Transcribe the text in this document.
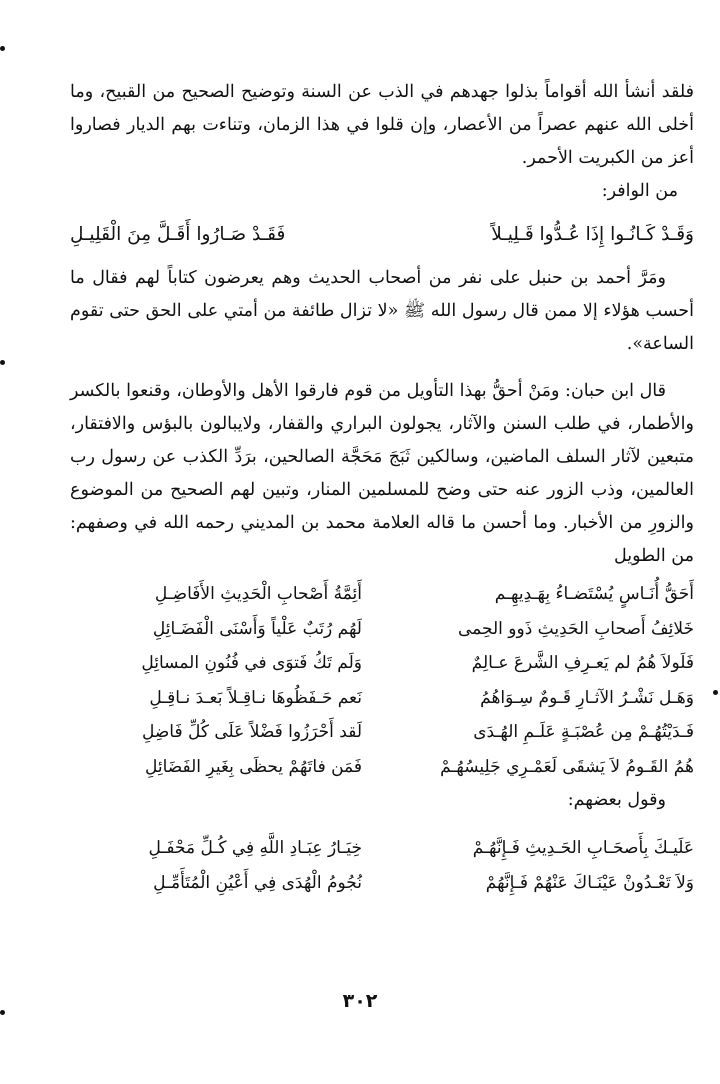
فلقد أنشأ الله أقواماً بذلوا جهدهم في الذب عن السنة وتوضيح الصحيح من القبيح، وما أخلى الله عنهم عصراً من الأعصار، وإن قلوا في هذا الزمان، وتناءت بهم الديار فصاروا أعز من الكبريت الأحمر.

من الوافر:

وَقَـدْ كَـانُـوا إِذَا عُـدُّوا قَـلِيـلاً
فَقَـدْ صَـارُوا أَقَـلَّ مِنَ الْقَلِيـلِ

ومَرَّ أحمد بن حنبل على نفر من أصحاب الحديث وهم يعرضون كتاباً لهم فقال ما أحسب هؤلاء إلا ممن قال رسول الله ﷺ «لا تزال طائفة من أمتي على الحق حتى تقوم الساعة».

قال ابن حبان: ومَنْ أحقُّ بهذا التأويل من قوم فارقوا الأهل والأوطان، وقنعوا بالكسر والأطمار، في طلب السنن والآثار، يجولون البراري والقفار، ولايبالون بالبؤس والافتقار، متبعين لآثار السلف الماضين، وسالكين ثَبَجَ مَحَجَّة الصالحين، برَدِّ الكذب عن رسول رب العالمين، وذب الزور عنه حتى وضح للمسلمين المنار، وتبين لهم الصحيح من الموضوع والزورِ من الأخبار. وما أحسن ما قاله العلامة محمد بن المديني رحمه الله في وصفهم: من الطويل

أَحَقُّ أُنَـاسٍ يُسْتَضـاءُ بِهَـدِيهِـم
أَئِمَّةُ أَصْحابِ الْحَدِيثِ الأَفَاضِـلِ
خَلائِفُ أَصحابِ الحَدِيثِ ذَوو الحِمى
لَهُم رُتَبٌ عَلْياً وَأَسْنَى الْفَضَـائِلِ
فَلَولاَ هُمُ لم يَعـرِفِ الشَّرعَ عـالِمٌ
وَلَم تَكُ فَتوَى في فُنُونِ المسائِلِ
وَهَـل نَشْـرُ الآثـارِ قَـومٌ سِـوَاهُمُ
نَعم حَـفَظُوهَا نـاقِـلاً بَعـدَ نـاقِـلِ
فَـدَيْتُهُـمْ مِن عُصْبَـةٍ عَلَـمِ الهُـدَى
لَقد أَحْرَزُوا فَضْلاً عَلَى كُلِّ فَاضِلِ
هُمُ القَـومُ لاَ يَشقَى لَعَمْـرِي جَلِيسُهُـمْ
فَمَن فاتَهُمْ يحظَى بِغَيرِ الفَضَائِلِ

وقول بعضهم:

عَلَيـكَ بِأَصحَـابِ الحَـدِيثِ فَـإِنَّهُـمْ
خِيَـارُ عِبَـادِ اللَّهِ فِي كُـلِّ مَحْفَـلِ
وَلاَ تَعْـدُونْ عَيْنَـاكَ عَنْهُمْ فَـإِنَّهُمْ
نُجُومُ الْهُدَى فِي أَعْيُنِ الْمُتَأَمِّـلِ
٣٠٢
